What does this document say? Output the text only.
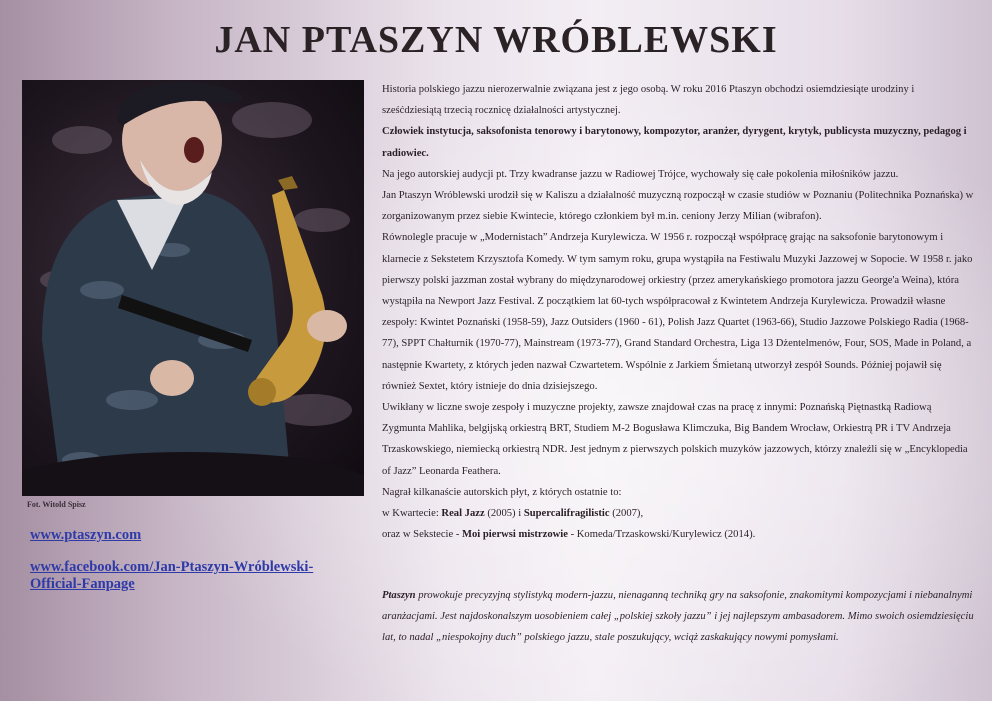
JAN PTASZYN WRÓBLEWSKI
Fot. Witold Spisz
www.ptaszyn.com
www.facebook.com/Jan-Ptaszyn-Wróblewski-Official-Fanpage

Historia polskiego jazzu nierozerwalnie związana jest z jego osobą. W roku 2016 Ptaszyn obchodzi osiemdziesiąte urodziny i sześćdziesiątą trzecią rocznicę działalności artystycznej.

Człowiek instytucja, saksofonista tenorowy i barytonowy, kompozytor, aranżer, dyrygent, krytyk, publicysta muzyczny, pedagog i radiowiec.

Na jego autorskiej audycji pt. Trzy kwadranse jazzu w Radiowej Trójce, wychowały się całe pokolenia miłośników jazzu.

Jan Ptaszyn Wróblewski urodził się w Kaliszu a działalność muzyczną rozpoczął w czasie studiów w Poznaniu (Politechnika Poznańska) w zorganizowanym przez siebie Kwintecie, którego członkiem był m.in. ceniony Jerzy Milian (wibrafon).

Równolegle pracuje w „Modernistach” Andrzeja Kurylewicza. W 1956 r. rozpoczął współpracę grając na saksofonie barytonowym i klarnecie z Sekstetem Krzysztofa Komedy. W tym samym roku, grupa wystąpiła na Festiwalu Muzyki Jazzowej w Sopocie. W 1958 r. jako pierwszy polski jazzman został wybrany do międzynarodowej orkiestry (przez amerykańskiego promotora jazzu George'a Weina), która wystąpiła na Newport Jazz Festival. Z początkiem lat 60-tych współpracował z Kwintetem Andrzeja Kurylewicza. Prowadził własne zespoły: Kwintet Poznański (1958-59), Jazz Outsiders (1960 - 61), Polish Jazz Quartet (1963-66), Studio Jazzowe Polskiego Radia (1968-77), SPPT Chałturnik (1970-77), Mainstream (1973-77), Grand Standard Orchestra, Liga 13 Dżentelmenów, Four, SOS, Made in Poland, a następnie Kwartety, z których jeden nazwał Czwartetem. Wspólnie z Jarkiem Śmietaną utworzył zespół Sounds. Później pojawił się również Sextet, który istnieje do dnia dzisiejszego.

Uwikłany w liczne swoje zespoły i muzyczne projekty, zawsze znajdował czas na pracę z innymi: Poznańską Piętnastką Radiową Zygmunta Mahlika, belgijską orkiestrą BRT, Studiem M-2 Bogusława Klimczuka, Big Bandem Wrocław, Orkiestrą PR i TV Andrzeja Trzaskowskiego, niemiecką orkiestrą NDR. Jest jednym z pierwszych polskich muzyków jazzowych, którzy znaleźli się w „Encyklopedia of Jazz” Leonarda Feathera.

Nagrał kilkanaście autorskich płyt, z których ostatnie to:

w Kwartecie: Real Jazz (2005) i Supercalifragilistic (2007),

oraz w Sekstecie - Moi pierwsi mistrzowie - Komeda/Trzaskowski/Kurylewicz (2014).

Ptaszyn prowokuje precyzyjną stylistyką modern-jazzu, nienaganną techniką gry na saksofonie, znakomitymi kompozycjami i niebanalnymi aranżacjami. Jest najdoskonalszym uosobieniem całej „polskiej szkoły jazzu” i jej najlepszym ambasadorem. Mimo swoich osiemdziesięciu lat, to nadal „niespokojny duch” polskiego jazzu, stale poszukujący, wciąż zaskakujący nowymi pomysłami.
